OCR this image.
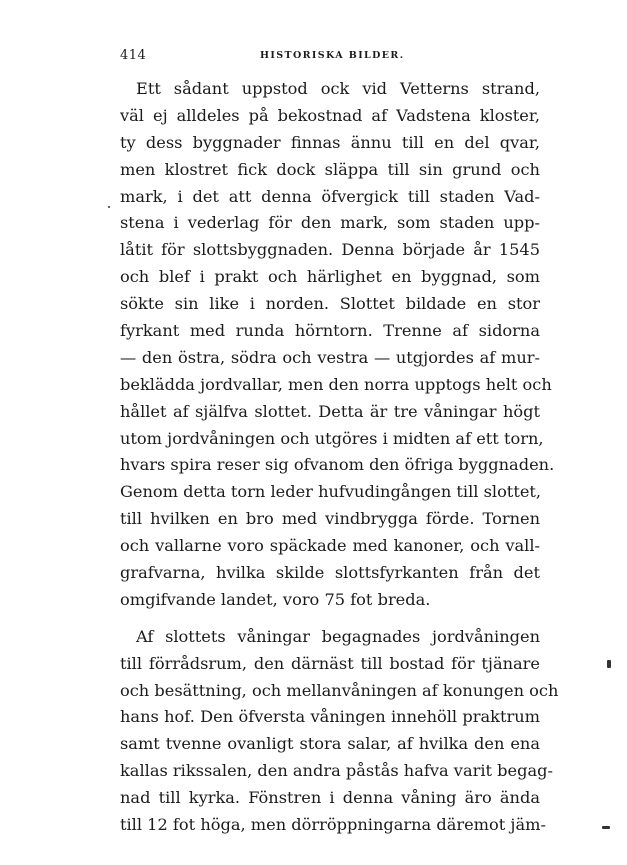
414	HISTORISKA BILDER.
Ett sådant uppstod ock vid Vetterns strand,
väl ej alldeles på bekostnad af Vadstena kloster,
ty dess byggnader finnas ännu till en del qvar,
men klostret fick dock släppa till sin grund och
mark, i det att denna öfvergick till staden Vad-
stena i vederlag för den mark, som staden upp-
låtit för slottsbyggnaden. Denna började år 1545
och blef i prakt och härlighet en byggnad, som
sökte sin like i norden. Slottet bildade en stor
fyrkant med runda hörntorn. Trenne af sidorna
— den östra, södra och vestra — utgjordes af mur-
beklädda jordvallar, men den norra upptogs helt och
hållet af själfva slottet. Detta är tre våningar högt
utom jordvåningen och utgöres i midten af ett torn,
hvars spira reser sig ofvanom den öfriga byggnaden.
Genom detta torn leder hufvudingången till slottet,
till hvilken en bro med vindbrygga förde. Tornen
och vallarne voro späckade med kanoner, och vall-
grafvarna, hvilka skilde slottsfyrkanten från det
omgifvande landet, voro 75 fot breda.
Af slottets våningar begagnades jordvåningen
till förrådsrum, den därnäst till bostad för tjänare
och besättning, och mellanvåningen af konungen och
hans hof. Den öfversta våningen innehöll praktrum
samt tvenne ovanligt stora salar, af hvilka den ena
kallas rikssalen, den andra påstås hafva varit begag-
nad till kyrka. Fönstren i denna våning äro ända
till 12 fot höga, men dörröppningarna däremot jäm-
